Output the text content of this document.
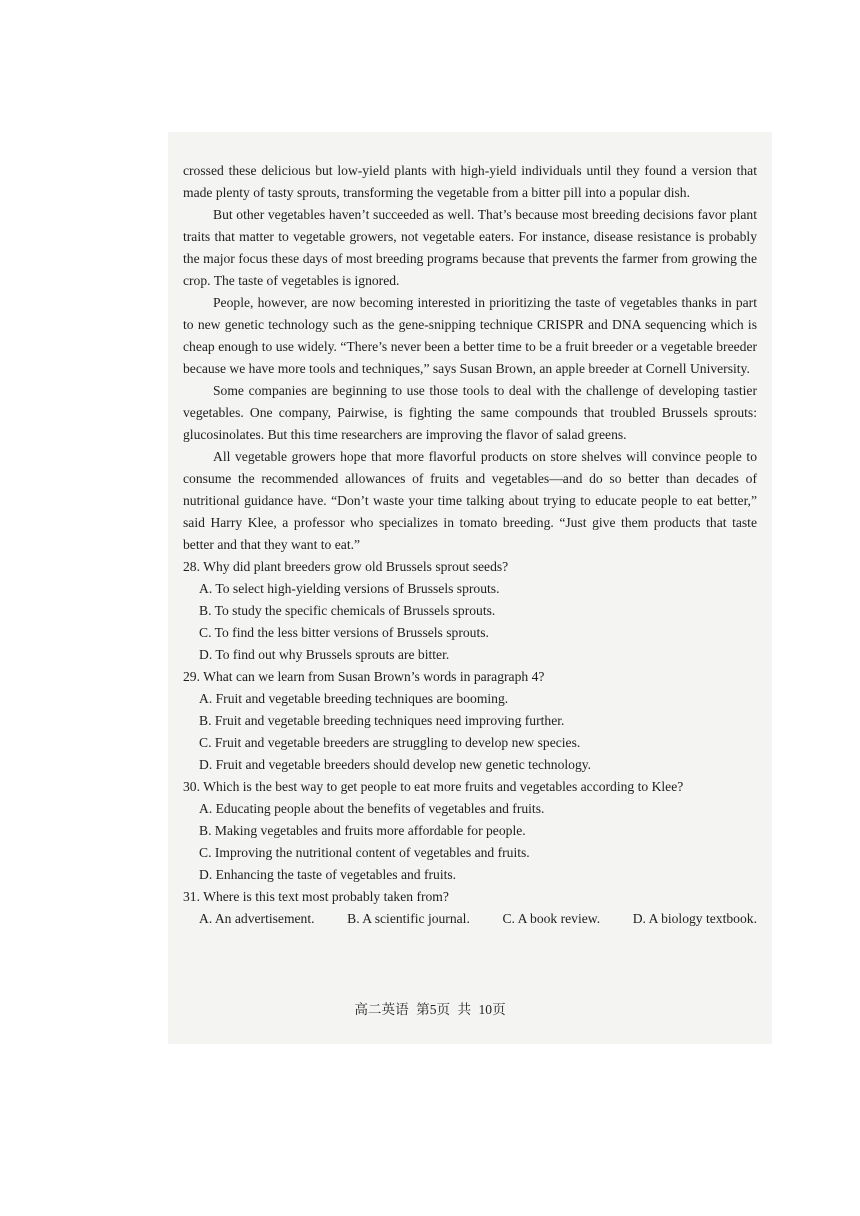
crossed these delicious but low-yield plants with high-yield individuals until they found a version that made plenty of tasty sprouts, transforming the vegetable from a bitter pill into a popular dish.

But other vegetables haven’t succeeded as well. That’s because most breeding decisions favor plant traits that matter to vegetable growers, not vegetable eaters. For instance, disease resistance is probably the major focus these days of most breeding programs because that prevents the farmer from growing the crop. The taste of vegetables is ignored.

People, however, are now becoming interested in prioritizing the taste of vegetables thanks in part to new genetic technology such as the gene-snipping technique CRISPR and DNA sequencing which is cheap enough to use widely. “There’s never been a better time to be a fruit breeder or a vegetable breeder because we have more tools and techniques,” says Susan Brown, an apple breeder at Cornell University.

Some companies are beginning to use those tools to deal with the challenge of developing tastier vegetables. One company, Pairwise, is fighting the same compounds that troubled Brussels sprouts: glucosinolates. But this time researchers are improving the flavor of salad greens.

All vegetable growers hope that more flavorful products on store shelves will convince people to consume the recommended allowances of fruits and vegetables—and do so better than decades of nutritional guidance have. “Don’t waste your time talking about trying to educate people to eat better,” said Harry Klee, a professor who specializes in tomato breeding. “Just give them products that taste better and that they want to eat.”

28. Why did plant breeders grow old Brussels sprout seeds?

A. To select high-yielding versions of Brussels sprouts.

B. To study the specific chemicals of Brussels sprouts.

C. To find the less bitter versions of Brussels sprouts.

D. To find out why Brussels sprouts are bitter.

29. What can we learn from Susan Brown’s words in paragraph 4?

A. Fruit and vegetable breeding techniques are booming.

B. Fruit and vegetable breeding techniques need improving further.

C. Fruit and vegetable breeders are struggling to develop new species.

D. Fruit and vegetable breeders should develop new genetic technology.

30. Which is the best way to get people to eat more fruits and vegetables according to Klee?

A. Educating people about the benefits of vegetables and fruits.

B. Making vegetables and fruits more affordable for people.

C. Improving the nutritional content of vegetables and fruits.

D. Enhancing the taste of vegetables and fruits.

31. Where is this text most probably taken from?

A. An advertisement. B. A scientific journal. C. A book review. D. A biology textbook.
高二英语 第5页 共 10页
